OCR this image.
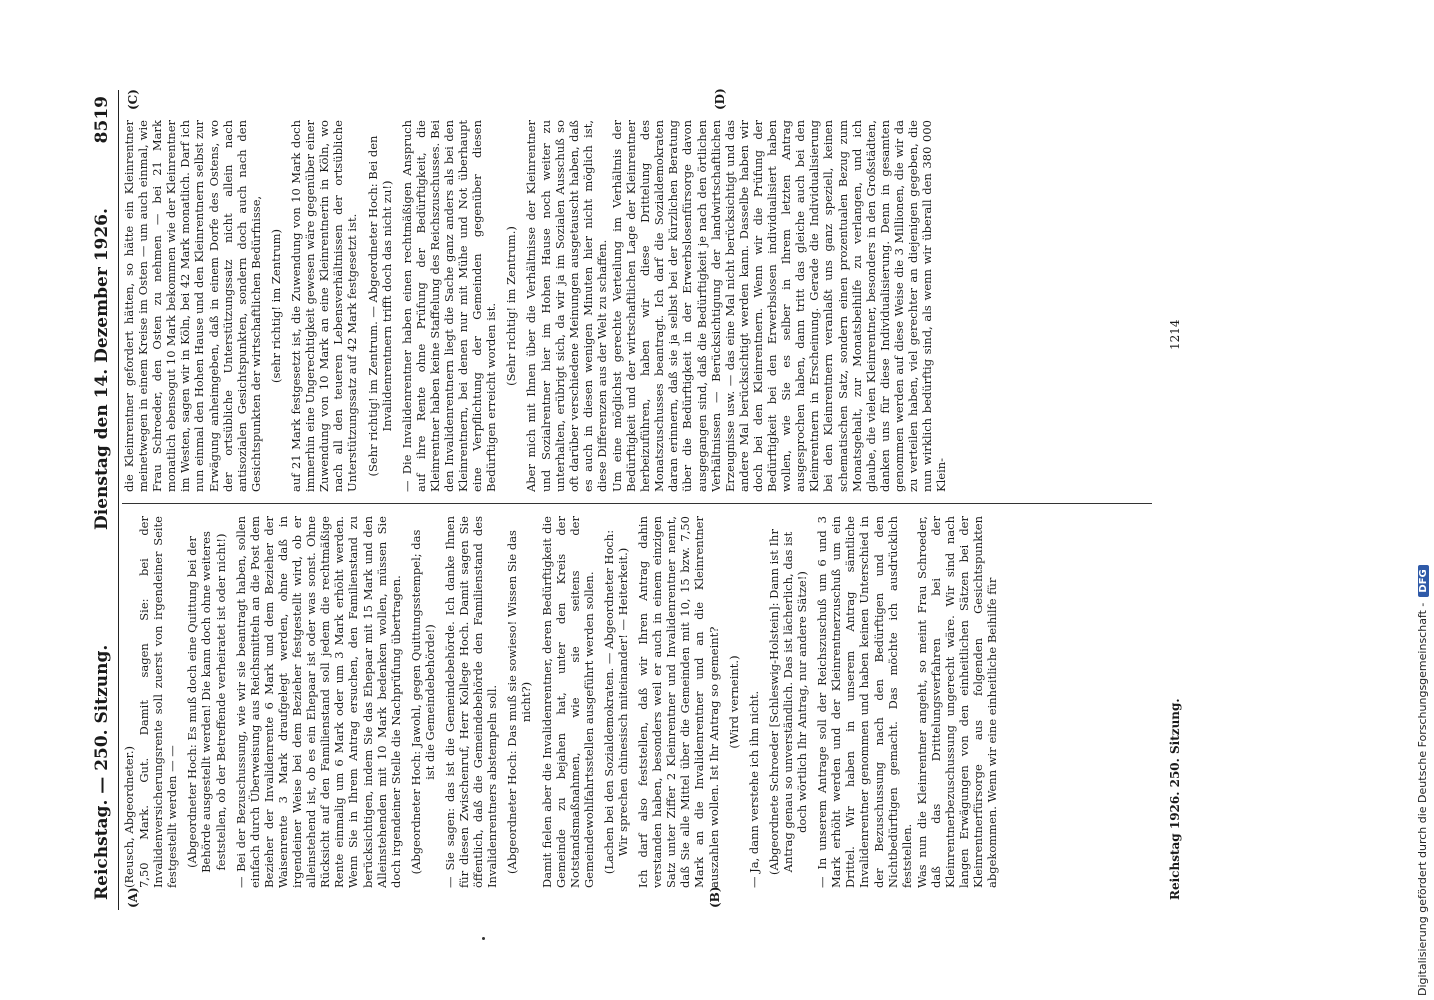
Reichstag. — 250. Sitzung.
Dienstag den 14. Dezember 1926.
8519
(A)	(B)
(C)	(D)

(Reusch, Abgeordneter.) 7,50 Mark. Gut. Damit sagen Sie: bei der Invalidenversicherungsrente soll zuerst von irgendeiner Seite festgestellt werden — — (Abgeordneter Hoch: Es muß doch eine Quittung bei der Behörde ausgestellt werden! Die kann doch ohne weiteres feststellen, ob der Betreffende verheiratet ist oder nicht!) — Bei der Bezuschussung, wie wir sie beantragt haben, sollen einfach durch Überweisung aus Reichsmitteln an die Post dem Bezieher der Invalidenrente 6 Mark und dem Bezieher der Waisenrente 3 Mark draufgelegt werden, ohne daß in irgendeiner Weise bei dem Bezieher festgestellt wird, ob er alleinstehend ist, ob es ein Ehepaar ist oder was sonst. Ohne Rücksicht auf den Familienstand soll jedem die rechtmäßige Rente einmalig um 6 Mark oder um 3 Mark erhöht werden. Wenn Sie in Ihrem Antrag ersuchen, den Familienstand zu berücksichtigen, indem Sie das Ehepaar mit 15 Mark und den Alleinstehenden mit 10 Mark bedenken wollen, müssen Sie doch irgendeiner Stelle die Nachprüfung übertragen. (Abgeordneter Hoch: Jawohl, gegen Quittungsstempel; das ist die Gemeindebehörde!) — Sie sagen: das ist die Gemeindebehörde. Ich danke Ihnen für diesen Zwischenruf, Herr Kollege Hoch. Damit sagen Sie öffentlich, daß die Gemeindebehörde den Familienstand des Invalidenrentners abstempeln soll. (Abgeordneter Hoch: Das muß sie sowieso! Wissen Sie das nicht?) Damit fielen aber die Invalidenrentner, deren Bedürftigkeit die Gemeinde zu bejahen hat, unter den Kreis der Notstandsmaßnahmen, wie sie seitens der Gemeindewohlfahrtsstellen ausgeführt werden sollen. (Lachen bei den Sozialdemokraten. — Abgeordneter Hoch: Wir sprechen chinesisch miteinander! — Heiterkeit.) Ich darf also feststellen, daß wir Ihren Antrag dahin verstanden haben, besonders weil er auch in einem einzigen Satz unter Ziffer 2 Kleinrentner und Invalidenrentner nennt, daß Sie alle Mittel über die Gemeinden mit 10, 15 bzw. 7,50 Mark an die Invalidenrentner und an die Kleinrentner auszahlen wollen. Ist Ihr Antrag so gemeint? (Wird verneint.) — Ja, dann verstehe ich ihn nicht. (Abgeordnete Schroeder [Schleswig-Holstein]: Dann ist Ihr Antrag genau so unverständlich. Das ist lächerlich, das ist doch wörtlich Ihr Antrag, nur andere Sätze!) — In unserem Antrage soll der Reichszuschuß um 6 und 3 Mark erhöht werden und der Kleinrentnerzuschuß um ein Drittel. Wir haben in unserem Antrag sämtliche Invalidenrentner genommen und haben keinen Unterschied in der Bezuschussung nach den Bedürftigen und den Nichtbedürftigen gemacht. Das möchte ich ausdrücklich feststellen. Was nun die Kleinrentner angeht, so meint Frau Schroeder, daß das Drittelungsverfahren bei der Kleinrentnerbezuschussung ungerecht wäre. Wir sind nach langen Erwägungen von den einheitlichen Sätzen bei der Kleinrentnerfürsorge aus folgenden Gesichtspunkten abgekommen. Wenn wir eine einheitliche Beihilfe für

die Kleinrentner gefordert hätten, so hätte ein Kleinrentner meinetwegen in einem Kreise im Osten — um auch einmal, wie Frau Schroeder, den Osten zu nehmen — bei 21 Mark monatlich ebensogut 10 Mark bekommen wie der Kleinrentner im Westen, sagen wir in Köln, bei 42 Mark monatlich. Darf ich nun einmal den Hohen Hause und den Kleinrentnern selbst zur Erwägung anheimgeben, daß in einem Dorfe des Ostens, wo der ortsübliche Unterstützungssatz nicht allein nach antisozialen Gesichtspunkten, sondern doch auch nach den Gesichtspunkten der wirtschaftlichen Bedürfnisse, (sehr richtig! im Zentrum) auf 21 Mark festgesetzt ist, die Zuwendung von 10 Mark doch immerhin eine Ungerechtigkeit gewesen wäre gegenüber einer Zuwendung von 10 Mark an eine Kleinrentnerin in Köln, wo nach all den teueren Lebensverhältnissen der ortsübliche Unterstützungssatz auf 42 Mark festgesetzt ist. (Sehr richtig! im Zentrum. — Abgeordneter Hoch: Bei den Invalidenrentnern trifft doch das nicht zu!) — Die Invalidenrentner haben einen rechtmäßigen Anspruch auf ihre Rente ohne Prüfung der Bedürftigkeit, die Kleinrentner haben keine Staffelung des Reichszuschusses. Bei den Invalidenrentnern liegt die Sache ganz anders als bei den Kleinrentnern, bei denen nur mit Mühe und Not überhaupt eine Verpflichtung der Gemeinden gegenüber diesen Bedürftigen erreicht worden ist. (Sehr richtig! im Zentrum.) Aber mich mit Ihnen über die Verhältnisse der Kleinrentner und Sozialrentner hier im Hohen Hause noch weiter zu unterhalten, erübrigt sich, da wir ja im Sozialen Ausschuß so oft darüber verschiedene Meinungen ausgetauscht haben, daß es auch in diesen wenigen Minuten hier nicht möglich ist, diese Differenzen aus der Welt zu schaffen. Um eine möglichst gerechte Verteilung im Verhältnis der Bedürftigkeit und der wirtschaftlichen Lage der Kleinrentner herbeizuführen, haben wir diese Drittelung des Monatszuschusses beantragt. Ich darf die Sozialdemokraten daran erinnern, daß sie ja selbst bei der kürzlichen Beratung über die Bedürftigkeit in der Erwerbslosenfürsorge davon ausgegangen sind, daß die Bedürftigkeit je nach den örtlichen Verhältnissen — Berücksichtigung der landwirtschaftlichen Erzeugnisse usw. — das eine Mal nicht berücksichtigt und das andere Mal berücksichtigt werden kann. Dasselbe haben wir doch bei den Kleinrentnern. Wenn wir die Prüfung der Bedürftigkeit bei den Erwerbslosen individualisiert haben wollen, wie Sie es selber in Ihrem letzten Antrag ausgesprochen haben, dann tritt das gleiche auch bei den Kleinrentnern in Erscheinung. Gerade die Individualisierung bei den Kleinrentnern veranlaßt uns ganz speziell, keinen schematischen Satz, sondern einen prozentualen Bezug zum Monatsgehalt, zur Monatsbeihilfe zu verlangen, und ich glaube, die vielen Kleinrentner, besonders in den Großstädten, danken uns für diese Individualisierung. Denn in gesamten genommen werden auf diese Weise die 3 Millionen, die wir da zu verteilen haben, viel gerechter an diejenigen gegeben, die nun wirklich bedürftig sind, als wenn wir überall den 380 000 Klein-

Reichstag 1926. 250. Sitzung.
1214
Digitalisierung gefördert durch die Deutsche Forschungsgemeinschaft -DFG
